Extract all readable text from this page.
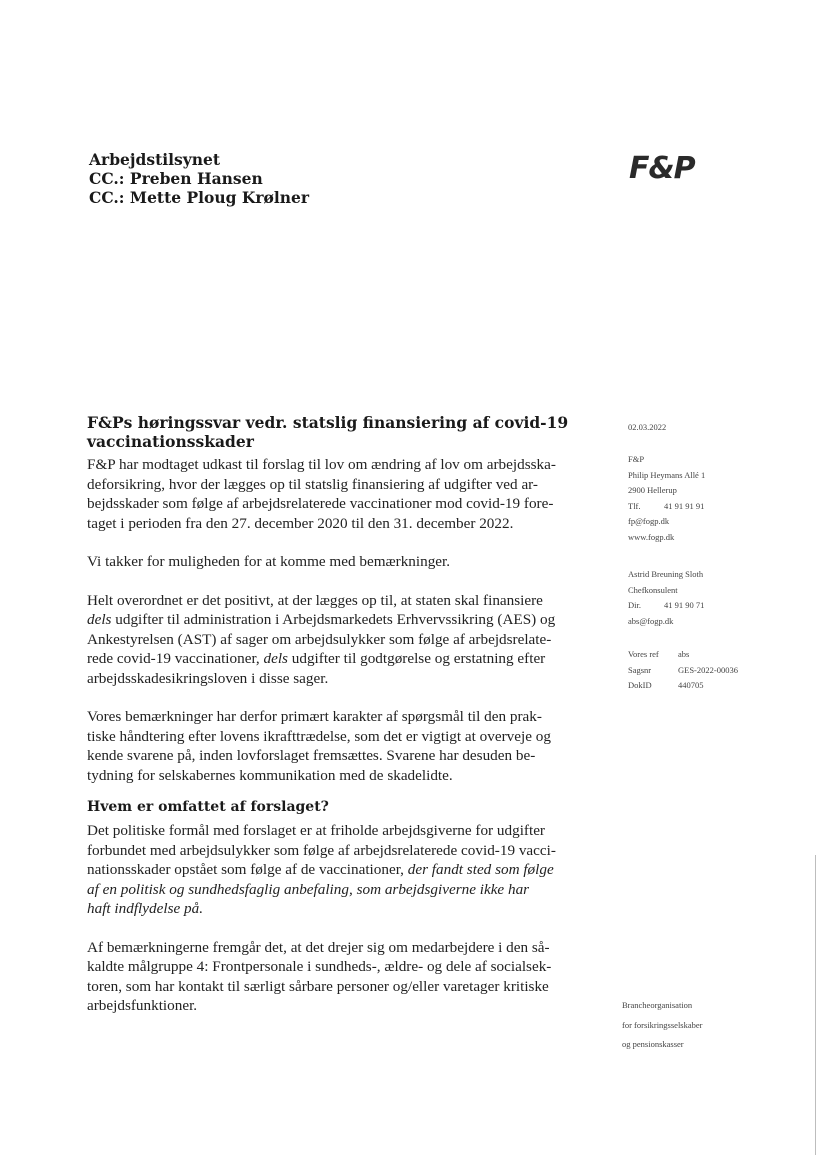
Arbejdstilsynet
CC.: Preben Hansen
CC.: Mette Ploug Krølner
F&P
F&Ps høringssvar vedr. statslig finansiering af covid-19
vaccinationsskader
F&P har modtaget udkast til forslag til lov om ændring af lov om arbejdsska-
deforsikring, hvor der lægges op til statslig finansiering af udgifter ved ar-
bejdsskader som følge af arbejdsrelaterede vaccinationer mod covid-19 fore-
taget i perioden fra den 27. december 2020 til den 31. december 2022.
Vi takker for muligheden for at komme med bemærkninger.
Helt overordnet er det positivt, at der lægges op til, at staten skal finansiere
dels udgifter til administration i Arbejdsmarkedets Erhvervssikring (AES) og
Ankestyrelsen (AST) af sager om arbejdsulykker som følge af arbejdsrelate-
rede covid-19 vaccinationer, dels udgifter til godtgørelse og erstatning efter
arbejdsskadesikringsloven i disse sager.
Vores bemærkninger har derfor primært karakter af spørgsmål til den prak-
tiske håndtering efter lovens ikrafttrædelse, som det er vigtigt at overveje og
kende svarene på, inden lovforslaget fremsættes. Svarene har desuden be-
tydning for selskabernes kommunikation med de skadelidte.
Hvem er omfattet af forslaget?
Det politiske formål med forslaget er at friholde arbejdsgiverne for udgifter
forbundet med arbejdsulykker som følge af arbejdsrelaterede covid-19 vacci-
nationsskader opstået som følge af de vaccinationer, der fandt sted som følge
af en politisk og sundhedsfaglig anbefaling, som arbejdsgiverne ikke har
haft indflydelse på.
Af bemærkningerne fremgår det, at det drejer sig om medarbejdere i den så-
kaldte målgruppe 4: Frontpersonale i sundheds-, ældre- og dele af socialsek-
toren, som har kontakt til særligt sårbare personer og/eller varetager kritiske
arbejdsfunktioner.
02.03.2022
F&P
Philip Heymans Allé 1
2900 Hellerup
Tlf.	41 91 91 91
fp@fogp.dk
www.fogp.dk
Astrid Breuning Sloth
Chefkonsulent
Dir.	41 91 90 71
abs@fogp.dk
Vores ref abs
Sagsnr	GES-2022-00036
DokID	440705
Brancheorganisation
for forsikringsselskaber
og pensionskasser
